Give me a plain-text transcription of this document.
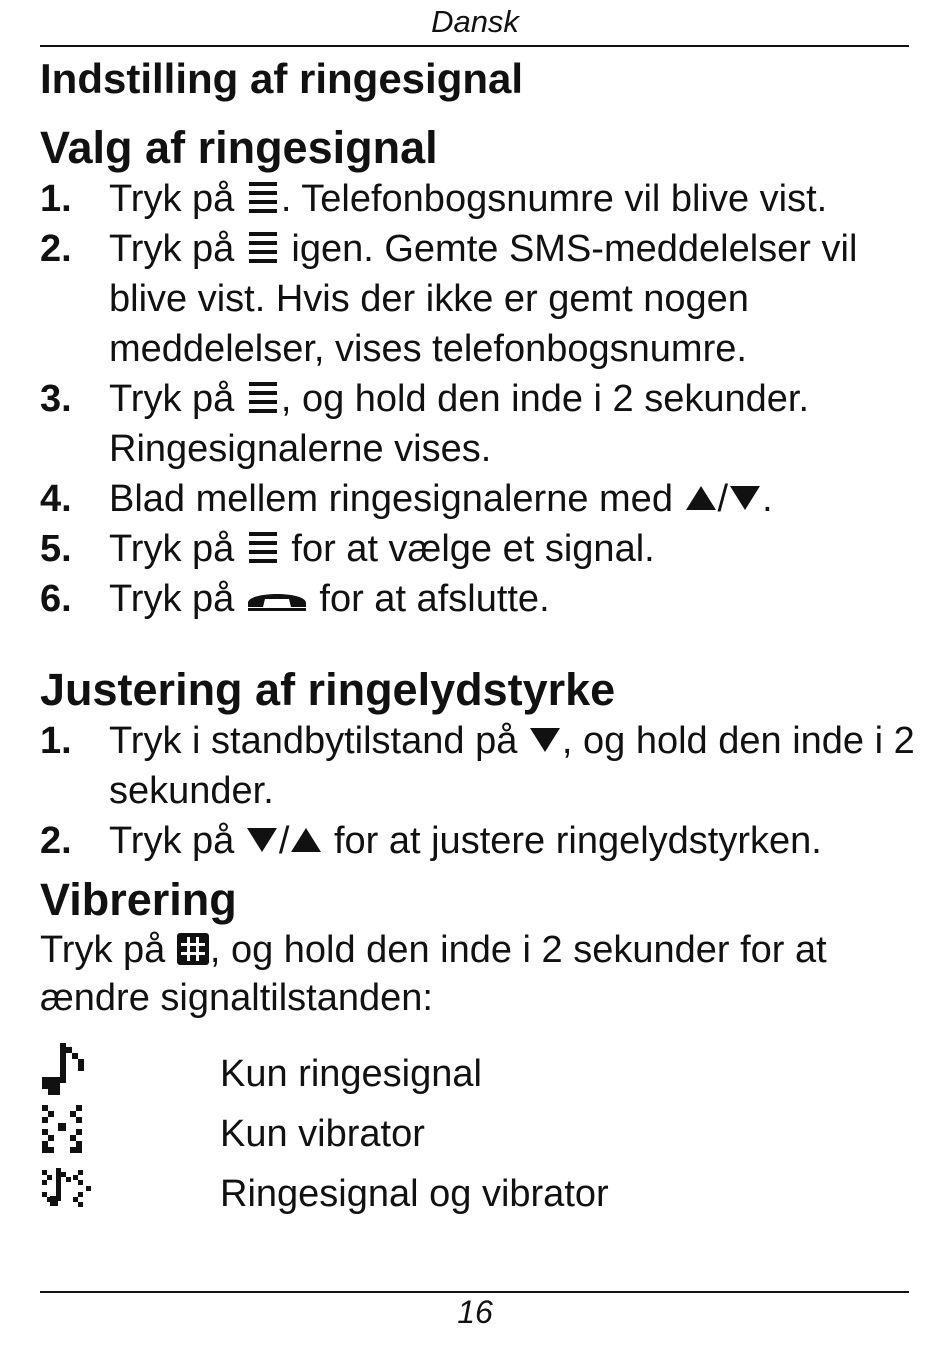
Dansk
Indstilling af ringesignal
Valg af ringesignal
1. Tryk på . Telefonbogsnumre vil blive vist.
2. Tryk på  igen. Gemte SMS-meddelelser vil blive vist. Hvis der ikke er gemt nogen meddelelser, vises telefonbogsnumre.
3. Tryk på , og hold den inde i 2 sekunder. Ringesignalerne vises.
4. Blad mellem ringesignalerne med / .
5. Tryk på  for at vælge et signal.
6. Tryk på  for at afslutte.
Justering af ringelydstyrke
1. Tryk i standbytilstand på , og hold den inde i 2 sekunder.
2. Tryk på / for at justere ringelydstyrken.
Vibrering

Tryk på , og hold den inde i 2 sekunder for at ændre signaltilstanden:

Kun ringesignal
Kun vibrator
Ringesignal og vibrator
16
